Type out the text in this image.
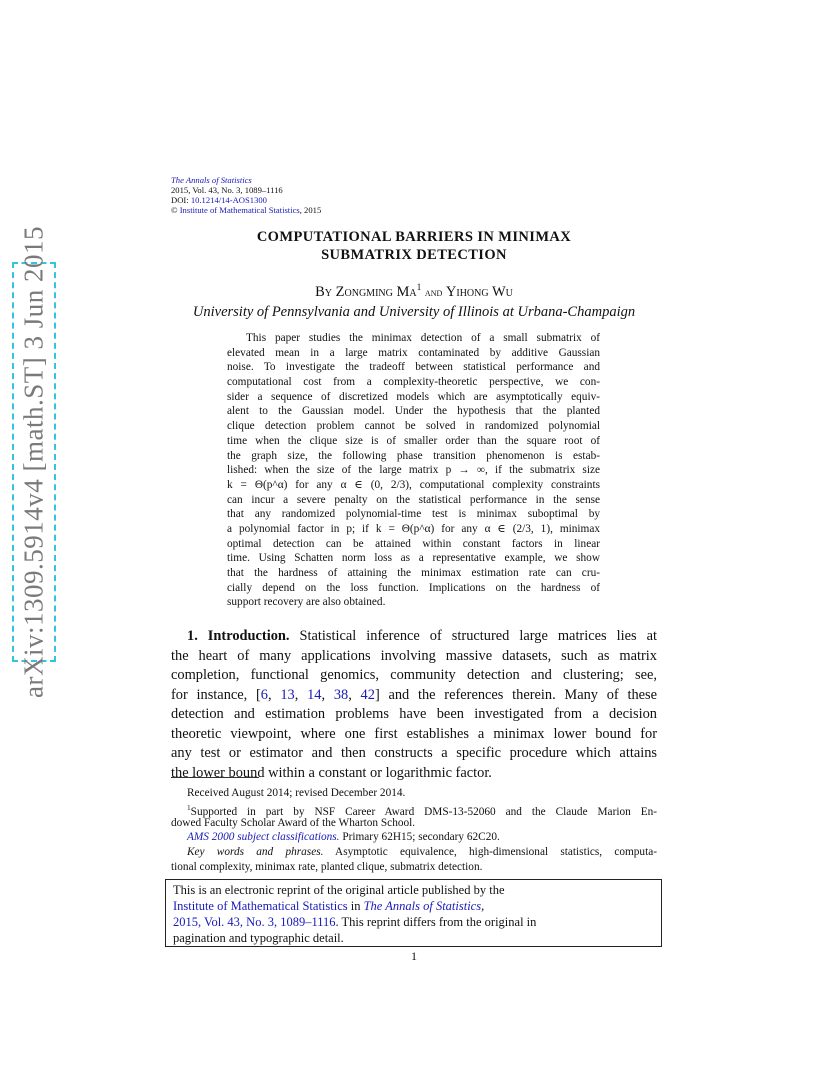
arXiv:1309.5914v4 [math.ST] 3 Jun 2015
The Annals of Statistics
2015, Vol. 43, No. 3, 1089–1116
DOI: 10.1214/14-AOS1300
© Institute of Mathematical Statistics, 2015
COMPUTATIONAL BARRIERS IN MINIMAX
SUBMATRIX DETECTION
By Zongming Ma$^1$ and Yihong Wu
University of Pennsylvania and University of Illinois at Urbana-Champaign
This paper studies the minimax detection of a small submatrix of
elevated mean in a large matrix contaminated by additive Gaussian
noise. To investigate the tradeoff between statistical performance and
computational cost from a complexity-theoretic perspective, we con-
sider a sequence of discretized models which are asymptotically equiv-
alent to the Gaussian model. Under the hypothesis that the planted
clique detection problem cannot be solved in randomized polynomial
time when the clique size is of smaller order than the square root of
the graph size, the following phase transition phenomenon is estab-
lished: when the size of the large matrix p → ∞, if the submatrix size
k = Θ(p^α) for any α ∈ (0, 2/3), computational complexity constraints
can incur a severe penalty on the statistical performance in the sense
that any randomized polynomial-time test is minimax suboptimal by
a polynomial factor in p; if k = Θ(p^α) for any α ∈ (2/3, 1), minimax
optimal detection can be attained within constant factors in linear
time. Using Schatten norm loss as a representative example, we show
that the hardness of attaining the minimax estimation rate can cru-
cially depend on the loss function. Implications on the hardness of
support recovery are also obtained.
1. Introduction. Statistical inference of structured large matrices lies at
the heart of many applications involving massive datasets, such as matrix
completion, functional genomics, community detection and clustering; see,
for instance, [6, 13, 14, 38, 42] and the references therein. Many of these
detection and estimation problems have been investigated from a decision
theoretic viewpoint, where one first establishes a minimax lower bound for
any test or estimator and then constructs a specific procedure which attains
the lower bound within a constant or logarithmic factor.
Received August 2014; revised December 2014.
$^1$Supported in part by NSF Career Award DMS-13-52060 and the Claude Marion En-
dowed Faculty Scholar Award of the Wharton School.
AMS 2000 subject classifications. Primary 62H15; secondary 62C20.
Key words and phrases. Asymptotic equivalence, high-dimensional statistics, computa-
tional complexity, minimax rate, planted clique, submatrix detection.
This is an electronic reprint of the original article published by the
Institute of Mathematical Statistics in The Annals of Statistics,
2015, Vol. 43, No. 3, 1089–1116. This reprint differs from the original in
pagination and typographic detail.
1
